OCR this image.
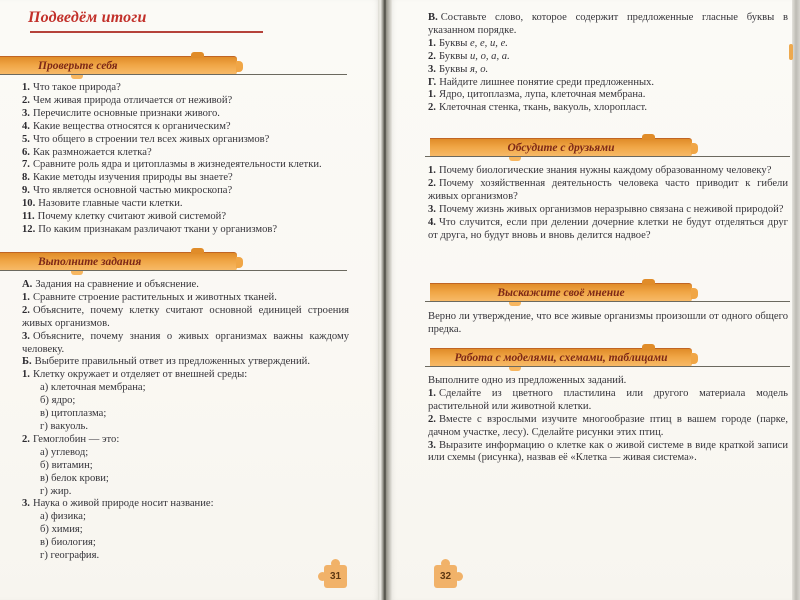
Подведём итоги
Проверьте себя
1. Что такое природа?
2. Чем живая природа отличается от неживой?
3. Перечислите основные признаки живого.
4. Какие вещества относятся к органическим?
5. Что общего в строении тел всех живых организмов?
6. Как размножается клетка?
7. Сравните роль ядра и цитоплазмы в жизнедеятельности клетки.
8. Какие методы изучения природы вы знаете?
9. Что является основной частью микроскопа?
10. Назовите главные части клетки.
11. Почему клетку считают живой системой?
12. По каким признакам различают ткани у организмов?
Выполните задания
А. Задания на сравнение и объяснение.
1. Сравните строение растительных и животных тканей.
2. Объясните, почему клетку считают основной единицей строения живых организмов.
3. Объясните, почему знания о живых организмах важны каждому человеку.
Б. Выберите правильный ответ из предложенных утверждений.
1. Клетку окружает и отделяет от внешней среды:
а) клеточная мембрана;
б) ядро;
в) цитоплазма;
г) вакуоль.
2. Гемоглобин — это:
а) углевод;
б) витамин;
в) белок крови;
г) жир.
3. Наука о живой природе носит название:
а) физика;
б) химия;
в) биология;
г) география.
31
В. Составьте слово, которое содержит предложенные гласные буквы в указанном порядке.
1. Буквы е, е, и, е.
2. Буквы и, о, а, а.
3. Буквы я, о.
Г. Найдите лишнее понятие среди предложенных.
1. Ядро, цитоплазма, лупа, клеточная мембрана.
2. Клеточная стенка, ткань, вакуоль, хлоропласт.
Обсудите с друзьями
1. Почему биологические знания нужны каждому образованному человеку?
2. Почему хозяйственная деятельность человека часто приводит к гибели живых организмов?
3. Почему жизнь живых организмов неразрывно связана с неживой природой?
4. Что случится, если при делении дочерние клетки не будут отделяться друг от друга, но будут вновь и вновь делится надвое?
Выскажите своё мнение
Верно ли утверждение, что все живые организмы произошли от одного общего предка.
Работа с моделями, схемами, таблицами
Выполните одно из предложенных заданий.
1. Сделайте из цветного пластилина или другого материала модель растительной или животной клетки.
2. Вместе с взрослыми изучите многообразие птиц в вашем городе (парке, дачном участке, лесу). Сделайте рисунки этих птиц.
3. Выразите информацию о клетке как о живой системе в виде краткой записи или схемы (рисунка), назвав её «Клетка — живая система».
32
